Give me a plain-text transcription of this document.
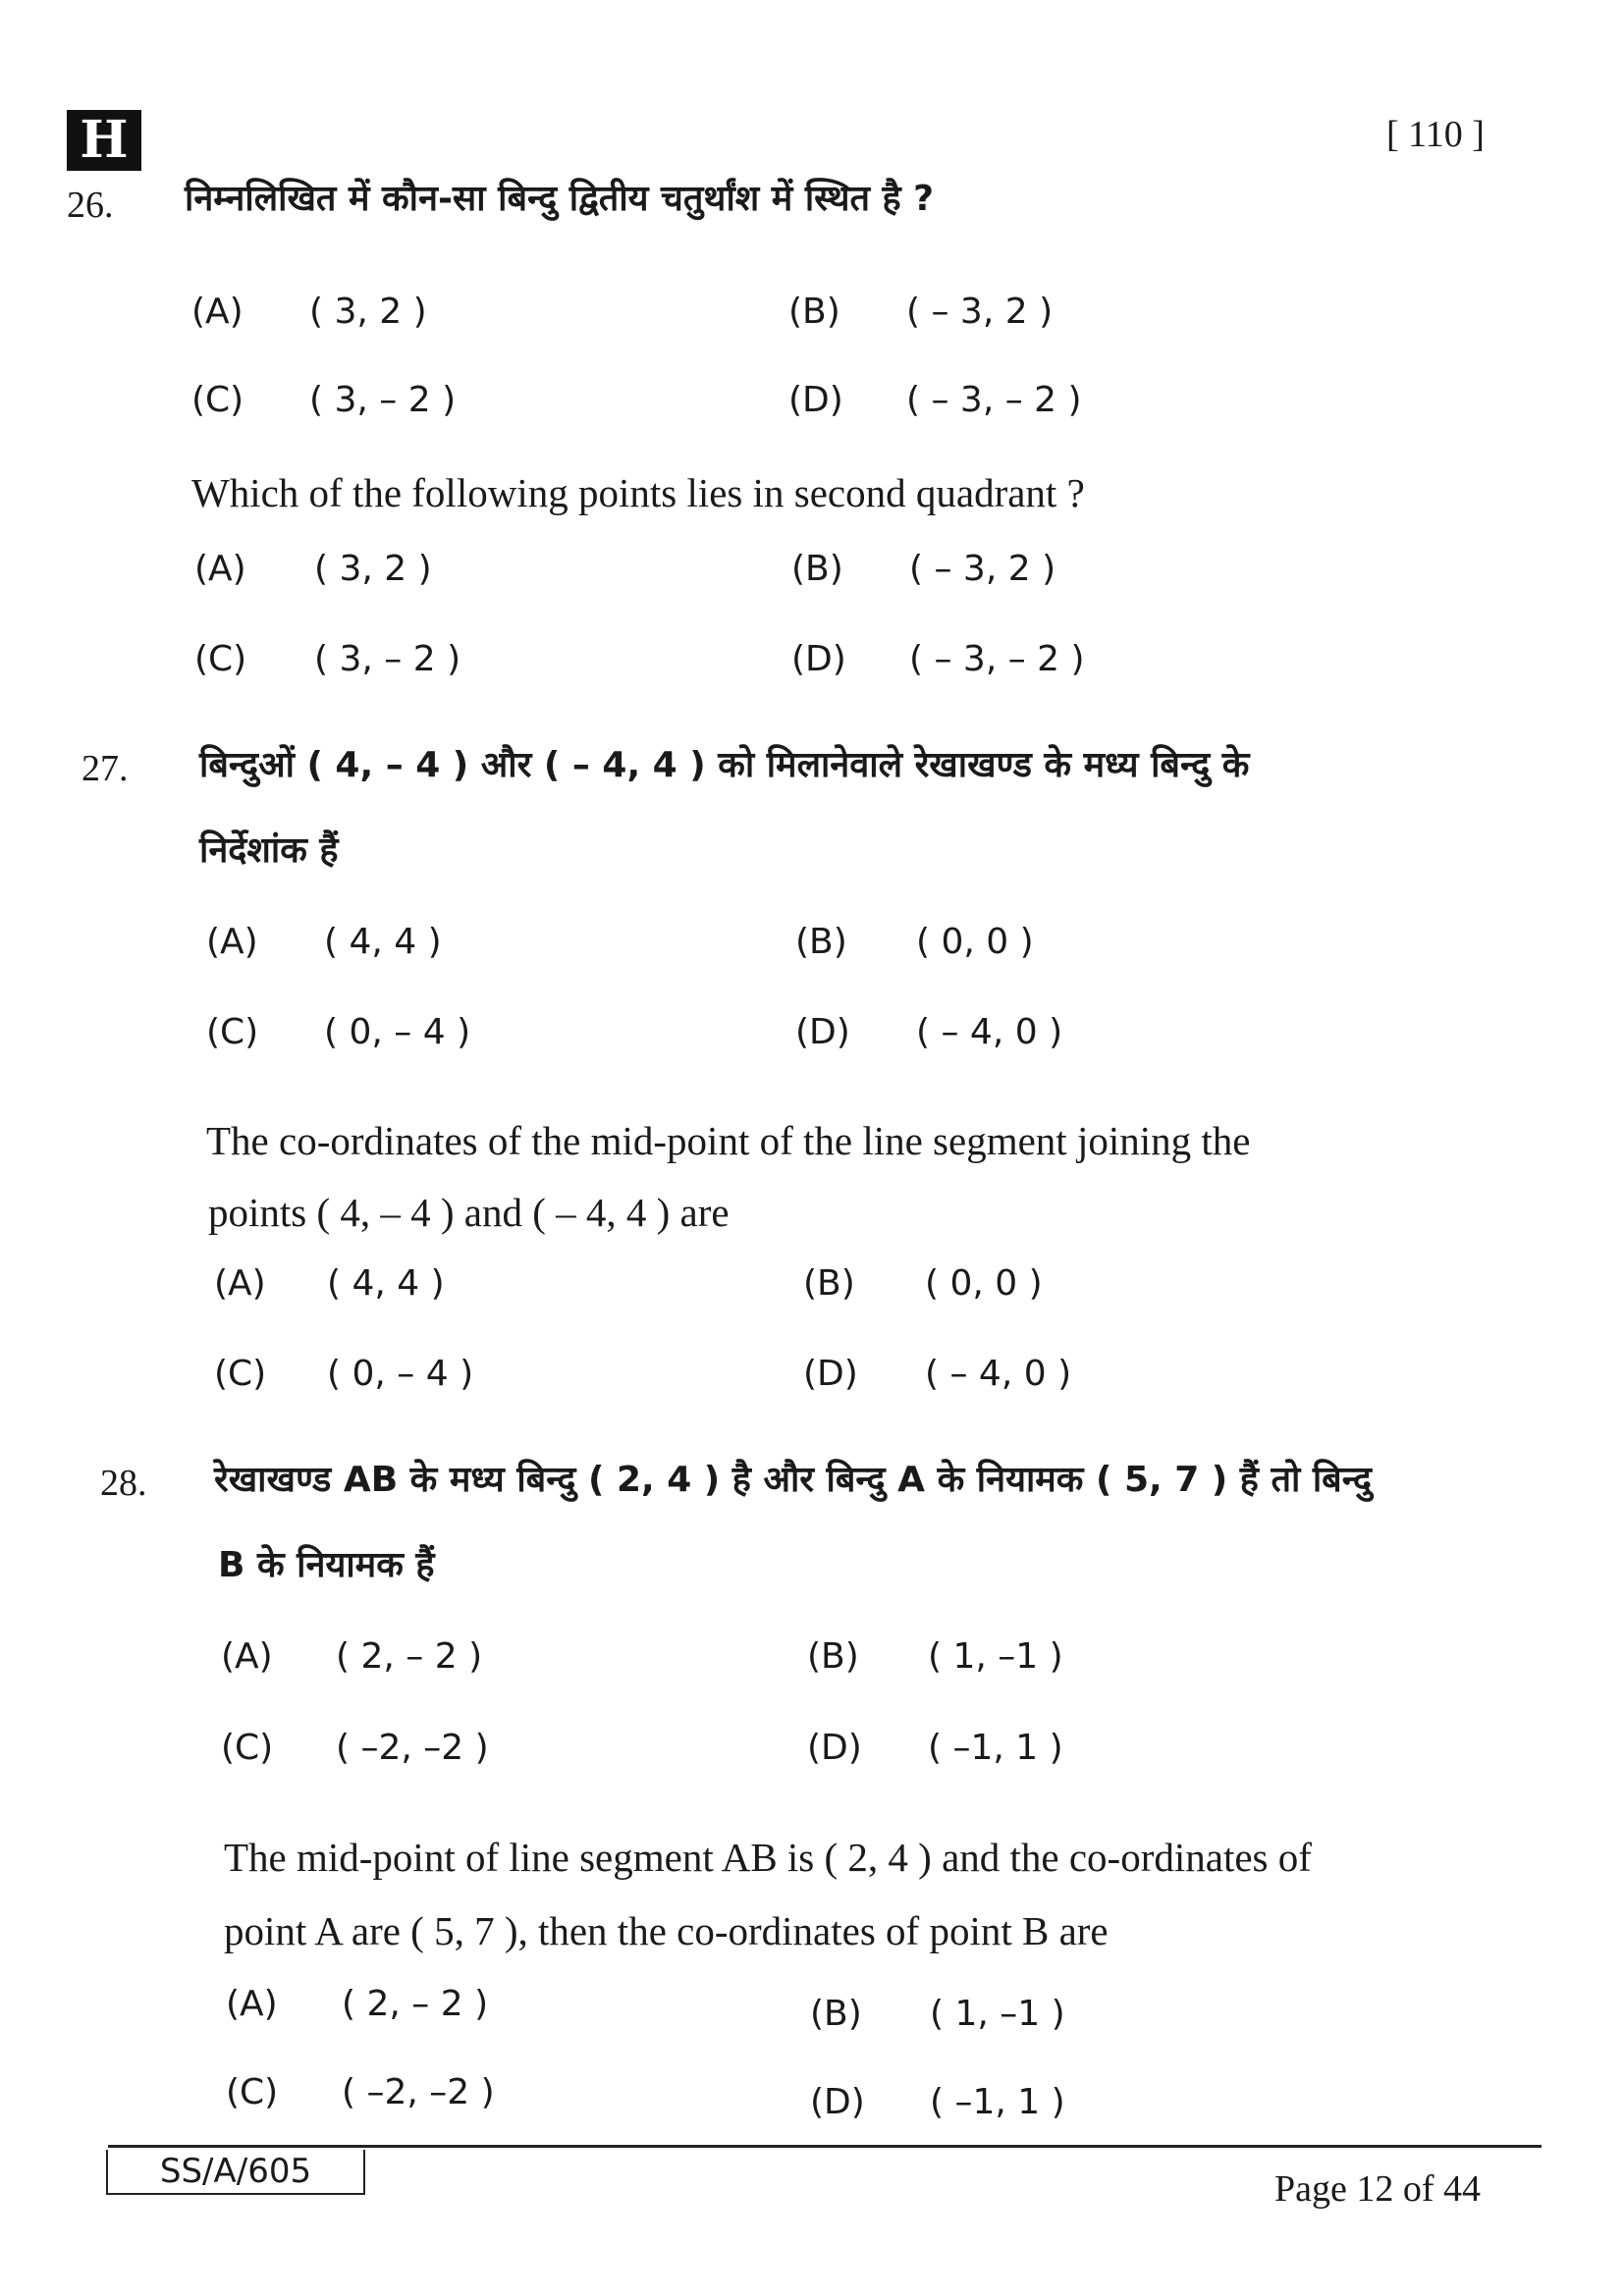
H	[ 110 ]
26. निम्नलिखित में कौन-सा बिन्दु द्वितीय चतुर्थांश में स्थित है ?
Which of the following points lies in second quadrant ?
(A)
(A)
( 3, 2 )
( 3, 2 )
(B)
(B)
( – 3, 2 )
( – 3, 2 )
(C)
(C)
( 3, – 2 )
( 3, – 2 )
(D)
(D)
( – 3, – 2 )
( – 3, – 2 )
27. बिन्दुओं ( 4, – 4 ) और ( – 4, 4 ) को मिलानेवाले रेखाखण्ड के मध्य बिन्दु के
निर्देशांक हैं
The co-ordinates of the mid-point of the line segment joining the
points ( 4, – 4 ) and ( – 4, 4 ) are
(A)
(A)
( 4, 4 )
( 4, 4 )
(B)
(B)
( 0, 0 )
( 0, 0 )
(C)
(C)
( 0, – 4 )
( 0, – 4 )
(D)
(D)
( – 4, 0 )
( – 4, 0 )
28. रेखाखण्ड AB के मध्य बिन्दु ( 2, 4 ) है और बिन्दु A के नियामक ( 5, 7 ) हैं तो बिन्दु
B के नियामक हैं
The mid-point of line segment AB is ( 2, 4 ) and the co-ordinates of
point A are ( 5, 7 ), then the co-ordinates of point B are
(A)
(A)
( 2, – 2 )
( 2, – 2 )
(B)
(B)
( 1, –1 )
( 1, –1 )
(C)
(C)
( –2, –2 )
( –2, –2 )
(D)
(D)
( –1, 1 )
( –1, 1 )
SS/A/605	Page 12 of 44
